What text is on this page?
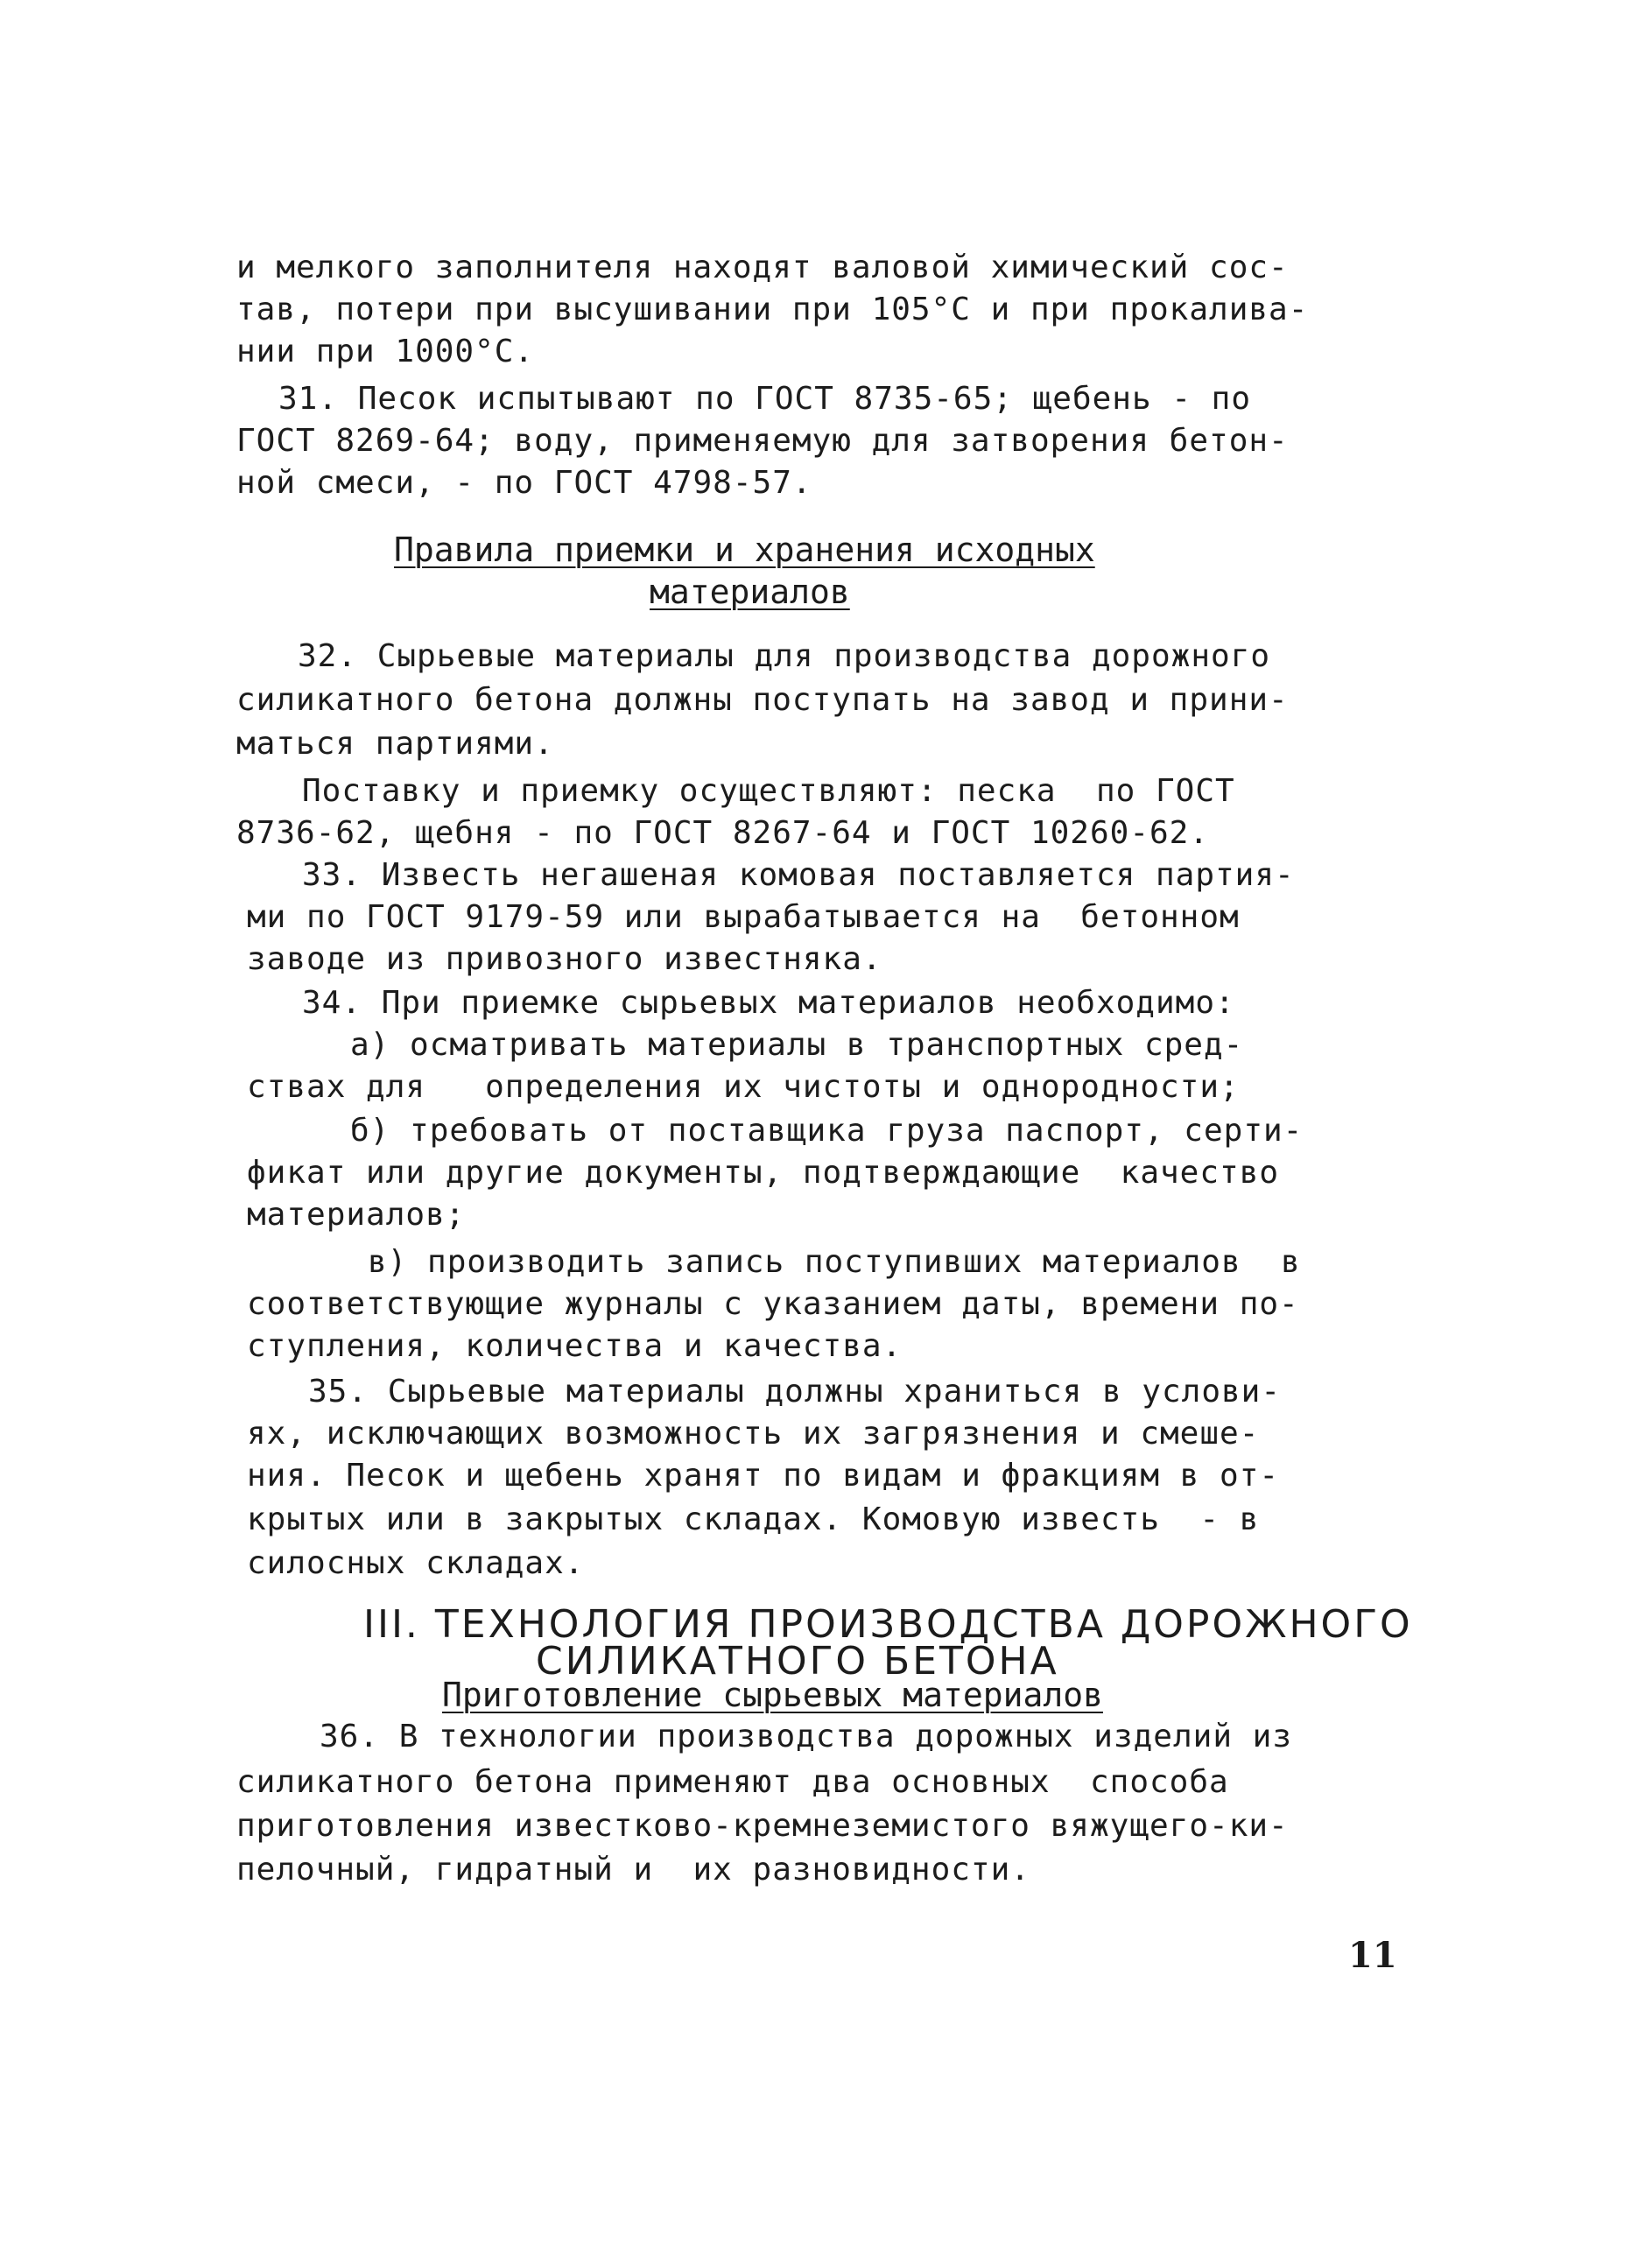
и мелкого заполнителя находят валовой химический сос-
тав, потери при высушивании при 105°С и при прокалива-
нии при 1000°С.
31. Песок испытывают по ГОСТ 8735-65; щебень - по
ГОСТ 8269-64; воду, применяемую для затворения бетон-
ной смеси, - по ГОСТ 4798-57.
Правила приемки и хранения исходных
материалов
32. Сырьевые материалы для производства дорожного
силикатного бетона должны поступать на завод и прини-
маться партиями.
Поставку и приемку осуществляют: песка  по ГОСТ
8736-62, щебня - по ГОСТ 8267-64 и ГОСТ 10260-62.
33. Известь негашеная комовая поставляется партия-
ми по ГОСТ 9179-59 или вырабатывается на  бетонном
заводе из привозного известняка.
34. При приемке сырьевых материалов необходимо:
а) осматривать материалы в транспортных сред-
ствах для   определения их чистоты и однородности;
б) требовать от поставщика груза паспорт, серти-
фикат или другие документы, подтверждающие  качество
материалов;
в) производить запись поступивших материалов  в
соответствующие журналы с указанием даты, времени по-
ступления, количества и качества.
35. Сырьевые материалы должны храниться в услови-
ях, исключающих возможность их загрязнения и смеше-
ния. Песок и щебень хранят по видам и фракциям в от-
крытых или в закрытых складах. Комовую известь  - в
силосных складах.
III. ТЕХНОЛОГИЯ ПРОИЗВОДСТВА ДОРОЖНОГО
СИЛИКАТНОГО БЕТОНА
Приготовление сырьевых материалов
36. В технологии производства дорожных изделий из
силикатного бетона применяют два основных  способа
приготовления известково-кремнеземистого вяжущего-ки-
пелочный, гидратный и  их разновидности.
11
